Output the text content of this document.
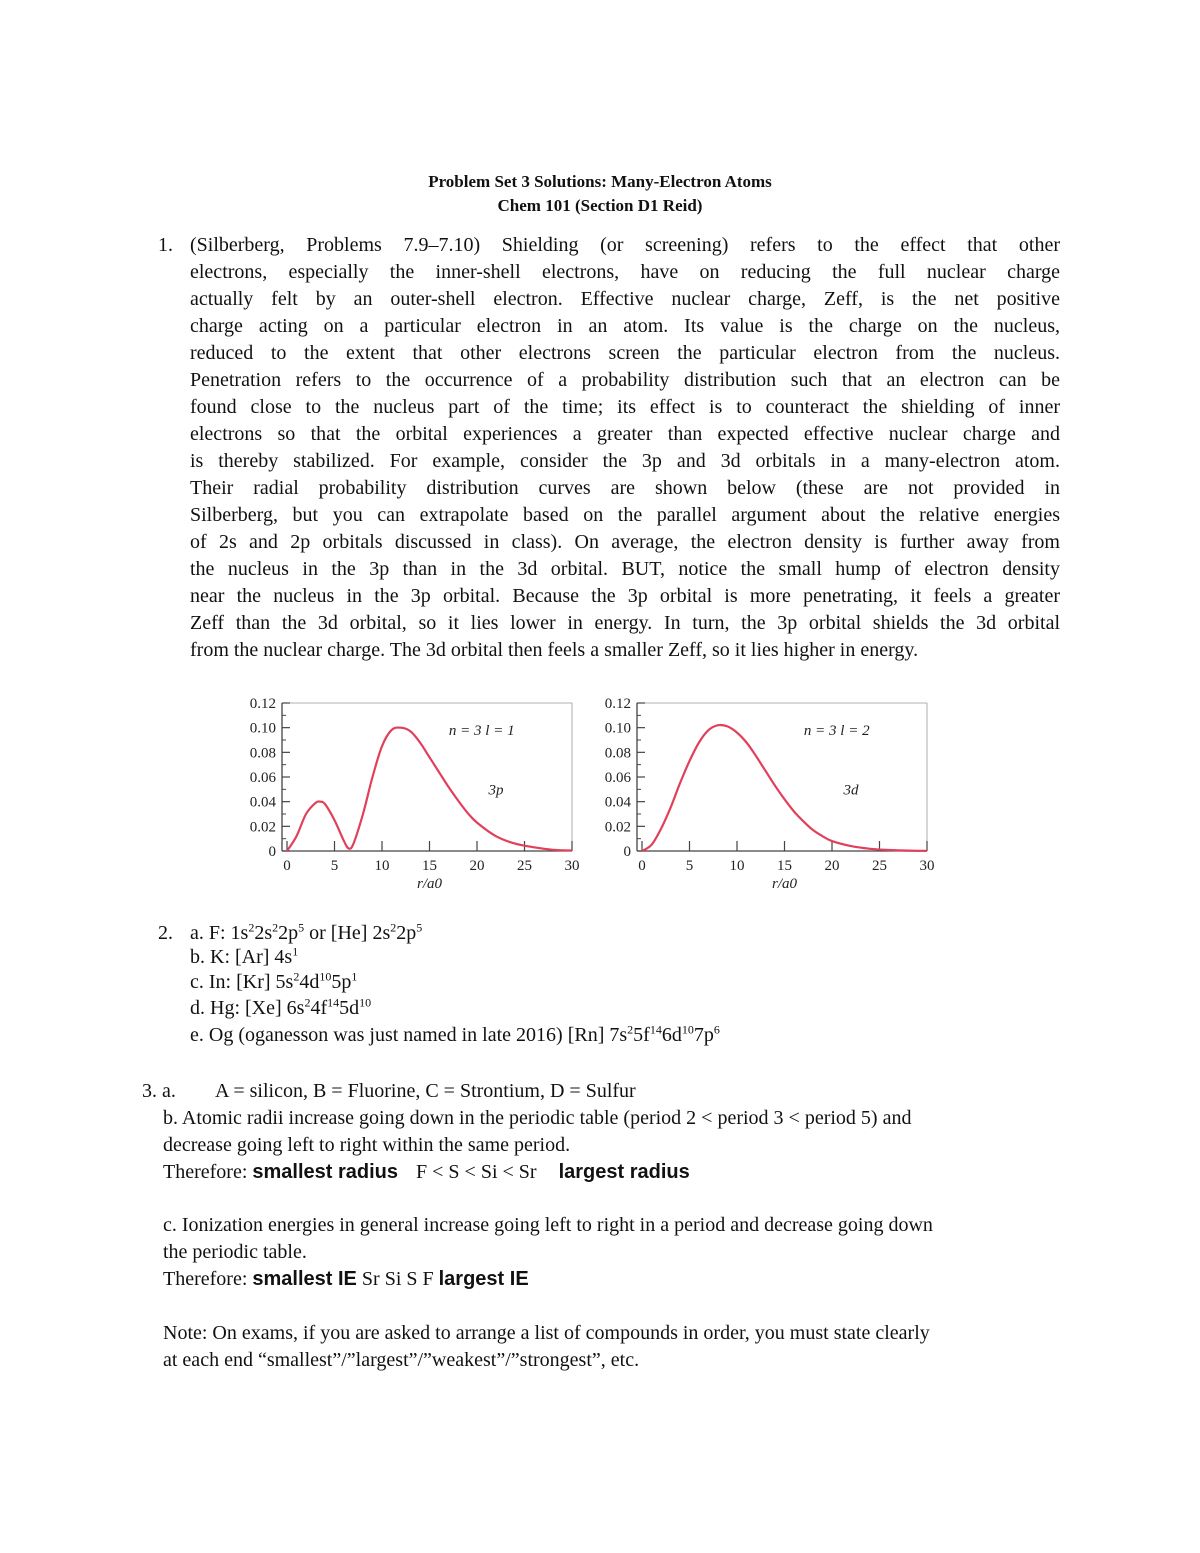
Problem Set 3 Solutions: Many-Electron Atoms
Chem 101 (Section D1 Reid)
1. (Silberberg, Problems 7.9–7.10) Shielding (or screening) refers to the effect that other
electrons, especially the inner-shell electrons, have on reducing the full nuclear charge
actually felt by an outer-shell electron. Effective nuclear charge, Zeff, is the net positive
charge acting on a particular electron in an atom. Its value is the charge on the nucleus,
reduced to the extent that other electrons screen the particular electron from the nucleus.
Penetration refers to the occurrence of a probability distribution such that an electron can be
found close to the nucleus part of the time; its effect is to counteract the shielding of inner
electrons so that the orbital experiences a greater than expected effective nuclear charge and
is thereby stabilized. For example, consider the 3p and 3d orbitals in a many-electron atom.
Their radial probability distribution curves are shown below (these are not provided in
Silberberg, but you can extrapolate based on the parallel argument about the relative energies
of 2s and 2p orbitals discussed in class). On average, the electron density is further away from
the nucleus in the 3p than in the 3d orbital. BUT, notice the small hump of electron density
near the nucleus in the 3p orbital. Because the 3p orbital is more penetrating, it feels a greater
Zeff than the 3d orbital, so it lies lower in energy. In turn, the 3p orbital shields the 3d orbital
from the nuclear charge. The 3d orbital then feels a smaller Zeff, so it lies higher in energy.
0
0.02
0.04
0.06
0.08
0.10
0.12
0	5 10 15 20 25 30
r/a0
n = 3 l = 1
3p
0
0.02
0.04
0.06
0.08
0.10
0.12
0	5 10 15 20 25 30
r/a0
n = 3 l = 2
3d
2. a. F: $1s^22s^22p^5$ or [He] $2s^22p^5$
b. K: [Ar] $4s^1$
c. In: [Kr] $5s^24d^{10}5p^1$
d. Hg: [Xe] $6s^24f^{14}5d^{10}$
e. Og (oganesson was just named in late 2016) [Rn] $7s^25f^{14}6d^{10}7p^6$
3. a. A = silicon, B = Fluorine, C = Strontium, D = Sulfur
b. Atomic radii increase going down in the periodic table (period 2 < period 3 < period 5) and
decrease going left to right within the same period.
Therefore: smallest radius F < S < Si < Sr largest radius
c. Ionization energies in general increase going left to right in a period and decrease going down
the periodic table.
Therefore: smallest IE Sr Si S F largest IE
Note: On exams, if you are asked to arrange a list of compounds in order, you must state clearly
at each end “smallest”/”largest”/”weakest”/”strongest”, etc.
